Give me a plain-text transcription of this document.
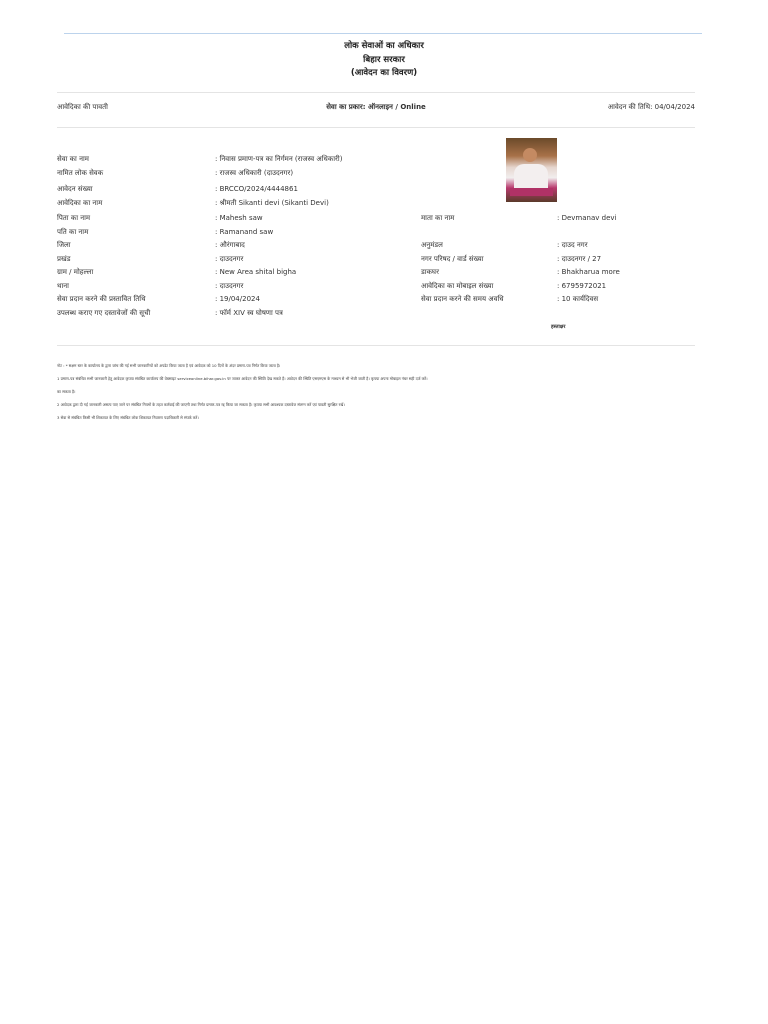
लोक सेवाओं का अधिकार
बिहार सरकार
(आवेदन का विवरण)
आवेदिका की पावती	सेवा का प्रकार: ऑनलाइन / Online	आवेदन की तिथि: 04/04/2024
सेवा का नाम	: निवास प्रमाण-पत्र का निर्गमन (राजस्व अधिकारी)
नामित लोक सेवक	: राजस्व अधिकारी (दाउदनगर)
आवेदन संख्या	: BRCCO/2024/4444861
आवेदिका का नाम	: श्रीमती Sikanti devi (Sikanti Devi)
पिता का नाम	: Mahesh saw	माता का नाम	: Devmanav devi
पति का नाम	: Ramanand saw
जिला	: औरंगाबाद	अनुमंडल	: दाउद नगर
प्रखंड	: दाउदनगर	नगर परिषद / वार्ड संख्या	: दाउदनगर / 27
ग्राम / मोहल्ला	: New Area shital bigha	डाकघर	: Bhakharua more
थाना	: दाउदनगर	आवेदिका का मोबाइल संख्या	: 6795972021
सेवा प्रदान करने की प्रस्तावित तिथि	: 19/04/2024	सेवा प्रदान करने की समय अवधि	: 10 कार्यदिवस
उपलब्ध कराए गए दस्तावेजों की सूची	: फॉर्म XIV स्व घोषणा पत्र
हस्ताक्षर
नोट : * सक्षम स्तर के कार्यालय के द्वारा जांच की गई सभी जानकारियों को अपडेट किया जाता है एवं आवेदक को 10 दिनों के अंदर प्रमाण-पत्र निर्गत किया जाता है।
1 प्रमाण-पत्र संबंधित सभी जानकारी हेतु आवेदक कृपया संबंधित कार्यालय की वेबसाइट serviceonline.bihar.gov.in पर जाकर आवेदन की स्थिति देख सकते हैं। आवेदन की स्थिति एसएमएस के माध्यम से भी भेजी जाती है। कृपया अपना मोबाइल नंबर सही दर्ज करें।
का सकता है।
2 आवेदक द्वारा दी गई जानकारी असत्य पाए जाने पर संबंधित नियमों के तहत कार्रवाई की जाएगी तथा निर्गत प्रमाण-पत्र रद्द किया जा सकता है। कृपया सभी आवश्यक दस्तावेज संलग्न करें एवं पावती सुरक्षित रखें।
3 सेवा से संबंधित किसी भी शिकायत के लिए संबंधित लोक शिकायत निवारण पदाधिकारी से संपर्क करें।
